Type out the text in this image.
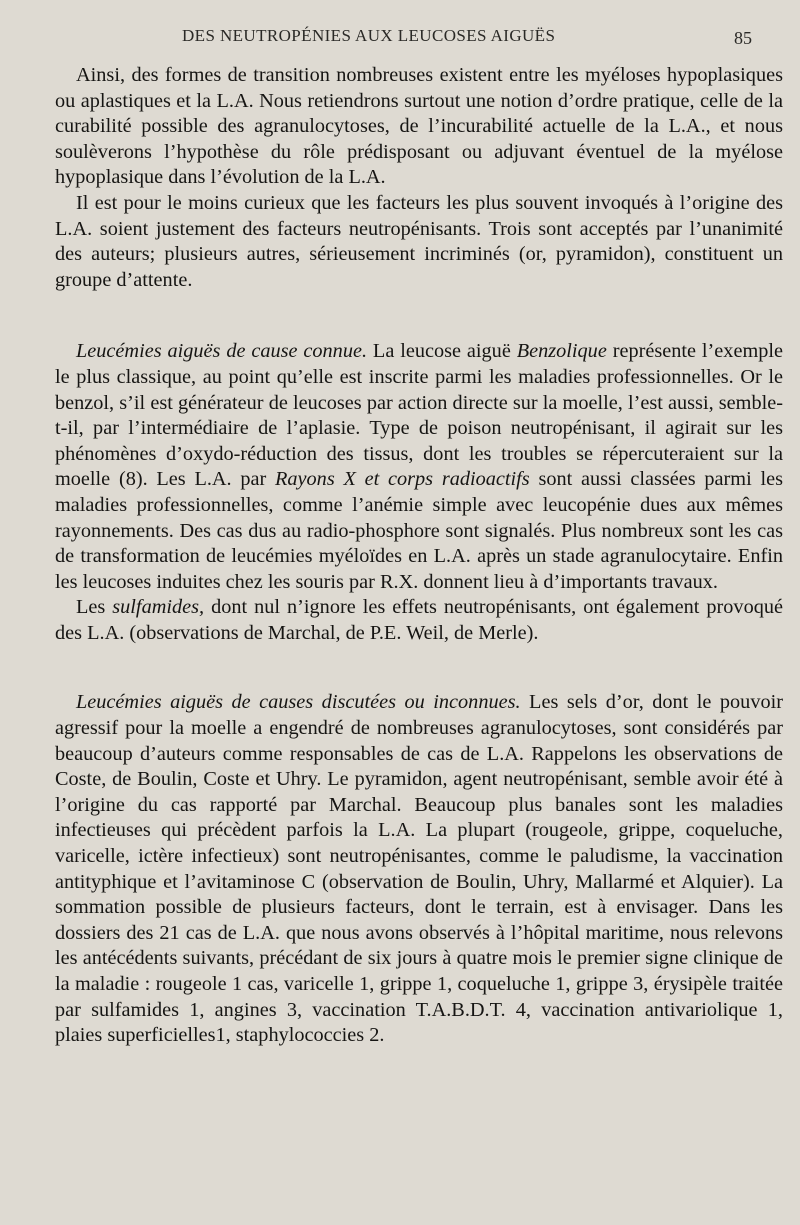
DES NEUTROPÉNIES AUX LEUCOSES AIGUËS	85

Ainsi, des formes de transition nombreuses existent entre les myéloses hypoplasiques ou aplastiques et la L.A. Nous retiendrons surtout une notion d’ordre pratique, celle de la curabilité possible des agranulocytoses, de l’incurabilité actuelle de la L.A., et nous soulèverons l’hypothèse du rôle prédisposant ou adjuvant éventuel de la myélose hypoplasique dans l’évolution de la L.A.

Il est pour le moins curieux que les facteurs les plus souvent invoqués à l’origine des L.A. soient justement des facteurs neutropénisants. Trois sont acceptés par l’unanimité des auteurs; plusieurs autres, sérieusement incriminés (or, pyramidon), constituent un groupe d’attente.

Leucémies aiguës de cause connue. La leucose aiguë Benzolique représente l’exemple le plus classique, au point qu’elle est inscrite parmi les maladies professionnelles. Or le benzol, s’il est générateur de leucoses par action directe sur la moelle, l’est aussi, semble-t-il, par l’intermédiaire de l’aplasie. Type de poison neutropénisant, il agirait sur les phénomènes d’oxydo-réduction des tissus, dont les troubles se répercuteraient sur la moelle (8). Les L.A. par Rayons X et corps radioactifs sont aussi classées parmi les maladies professionnelles, comme l’anémie simple avec leucopénie dues aux mêmes rayonnements. Des cas dus au radio-phosphore sont signalés. Plus nombreux sont les cas de transformation de leucémies myéloïdes en L.A. après un stade agranulocytaire. Enfin les leucoses induites chez les souris par R.X. donnent lieu à d’importants travaux.

Les sulfamides, dont nul n’ignore les effets neutropénisants, ont également provoqué des L.A. (observations de Marchal, de P.E. Weil, de Merle).

Leucémies aiguës de causes discutées ou inconnues. Les sels d’or, dont le pouvoir agressif pour la moelle a engendré de nombreuses agranulocytoses, sont considérés par beaucoup d’auteurs comme responsables de cas de L.A. Rappelons les observations de Coste, de Boulin, Coste et Uhry. Le pyramidon, agent neutropénisant, semble avoir été à l’origine du cas rapporté par Marchal. Beaucoup plus banales sont les maladies infectieuses qui précèdent parfois la L.A. La plupart (rougeole, grippe, coqueluche, varicelle, ictère infectieux) sont neutropénisantes, comme le paludisme, la vaccination antityphique et l’avitaminose C (observation de Boulin, Uhry, Mallarmé et Alquier). La sommation possible de plusieurs facteurs, dont le terrain, est à envisager. Dans les dossiers des 21 cas de L.A. que nous avons observés à l’hôpital maritime, nous relevons les antécédents suivants, précédant de six jours à quatre mois le premier signe clinique de la maladie : rougeole 1 cas, varicelle 1, grippe 1, coqueluche 1, grippe 3, érysipèle traitée par sulfamides 1, angines 3, vaccination T.A.B.D.T. 4, vaccination antivariolique 1, plaies superficielles1, staphylococcies 2.
